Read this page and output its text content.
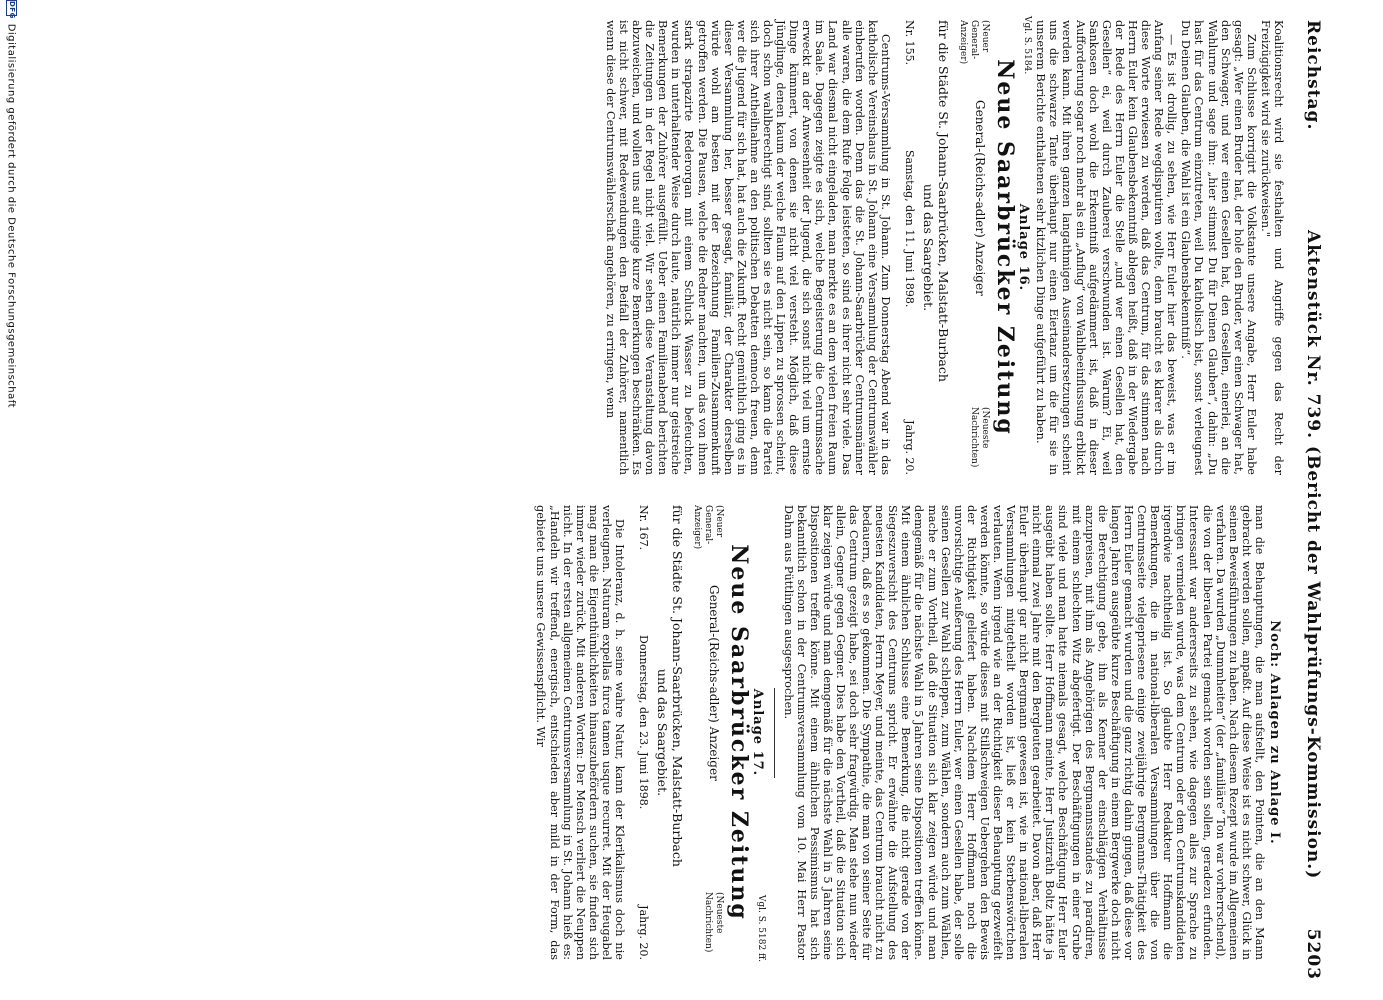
Reichstag.
Aktenstück Nr. 739. (Bericht der Wahlprüfungs-Kommission.)
5203

Koalitionsrecht wird sie festhalten und Angriffe gegen das Recht der Freizügigkeit wird sie zurückweisen."

Zum Schlusse korrigirt die Volkstante unsere Angabe, Herr Euler habe gesagt: „Wer einen Bruder hat, der hole den Bruder, wer einen Schwager hat, den Schwager, und wer einen Gesellen hat, den Gesellen, einerlei, an die Wahlurne und sage ihm: „hier stimmst Du für Deinen Glauben“, dahin: „Du hast für das Centrum einzutreten, weil Du katholisch bist, sonst verleugnest Du Deinen Glauben, die Wahl ist ein Glaubensbekenntniß“.

— Es ist drollig, zu sehen, wie Herr Euler hier das beweist, was er im Anfang seiner Rede wegdisputiren wollte, denn braucht es klarer als durch diese Worte erwiesen zu werden, daß das Centrum, für das stimmen nach Herrn Euler kein Glaubensbekenntniß ablegen heißt, daß in der Wiedergabe der Rede des Herrn Euler die Stelle „und wer einen Gesellen hat, den Gesellen“ ei, weil durch Zauberei verschwunden ist. Warum? Ei, weil Sankosen doch wohl die Erkenntniß aufgedämmert ist, daß in dieser Aufforderung sogar noch mehr als ein „Anflug“ von Wahlbeeinflussung erblickt werden kann. Mit ihren ganzen langathmigen Auseinandersetzungen scheint uns die schwarze Tante überhaupt nur einen Eiertanz um die für sie in unserem Berichte enthaltenen sehr kitzlichen Dinge aufgeführt zu haben.

Anlage 16.
Vgl. S. 5184.
Neue Saarbrücker Zeitung
(Neuer General-Anzeiger)
General-(Reichs-adler) Anzeiger
(Neueste Nachrichten)
für die Städte St. Johann-Saarbrücken, Malstatt-Burbach
und das Saargebiet.
Nr. 155.
Samstag, den 11. Juni 1898.
Jahrg. 20.

Centrums-Versammlung in St. Johann. Zum Donnerstag Abend war in das katholische Vereinshaus in St. Johann eine Versammlung der Centrumswähler einberufen worden. Denn das die St. Johann-Saarbrücker Centrumsmänner alle waren, die dem Rufe Folge leisteten, so sind es ihrer nicht sehr viele. Das Land war diesmal nicht eingeladen, man merkte es an dem vielen freien Raum im Saale. Dagegen zeigte es sich, welche Begeisterung die Centrumssache erweckt an der Anwesenheit der Jugend, die sich sonst nicht viel um ernste Dinge kümmert, von denen sie nicht viel versteht. Möglich, daß diese Jünglinge, denen kaum der weiche Flaum auf den Lippen zu sprossen scheint, doch schon wahlberechtigt sind, sollten sie es nicht sein, so kann die Partei sich ihrer Antheilnahme an den politischen Debatten dennoch freuen, denn wer die Jugend für sich hat, hat auch die Zukunft. Recht gemüthlich ging es in dieser Versammlung her, besser gesagt, familiär, der Charakter derselben würde wohl am besten mit der Bezeichnung Familien-Zusammenkunft getroffen werden. Die Pausen, welche die Redner machten, um das von ihnen stark strapazirte Rederorgan mit einem Schluck Wasser zu befeuchten, wurden in unterhaltender Weise durch laute, natürlich immer nur geistreiche Bemerkungen der Zuhörer ausgefüllt. Ueber einen Familienabend berichten die Zeitungen in der Regel nicht viel. Wir sehen diese Veranstaltung davon abzuweichen, und wollen uns auf einige kurze Bemerkungen beschränken. Es ist nicht schwer, mit Redewendungen den Beifall der Zuhörer, namentlich wenn diese der Centrumswählerschaft angehören, zu erringen, wenn

Noch: Anlagen zu Anlage I.

man die Behauptungen, die man aufstellt, den Pointen, die an den Mann gebracht werden sollen, anpaßt. Auf diese Weise ist es nicht schwer, Glück in seinen Beweisführungen zu haben. Nach diesem Rezept wurde im Allgemeinen verfahren. Da wurden „Dummheiten“ (der „familiäre“ Ton war vorherrschend), die von der liberalen Partei gemacht worden sein sollen, geradezu erfunden. Interessant war andererseits zu sehen, wie dagegen alles zur Sprache zu bringen vermieden wurde, was dem Centrum oder dem Centrumskandidaten irgendwie nachtheilig ist. So glaubte Herr Redakteur Hoffmann die Bemerkungen, die in national-liberalen Versammlungen über die von Centrumsseite vielgepriesene einige zweijährige Bergmanns-Thätigkeit des Herrn Euler gemacht wurden und die ganz richtig dahin gingen, daß diese vor langen Jahren ausgeübte kurze Beschäftigung in einem Bergwerke doch nicht die Berechtigung gebe, ihn als Kenner der einschlägigen Verhältnisse anzupreisen, mit ihm als Angehörigen des Bergmannsstandes zu paradiren, mit einem schlechten Witz abgefertigt. Der Beschäftigungen in einer Grube sind viele und man hatte niemals gesagt, welche Beschäftigung Herr Euler ausgeübt haben sollte. Herr Hoffmann meinte, Herr Justizrath Boltz hätte ja nicht einmal zwei Jahre mit den Bergleuten gearbeitet. Davon aber, daß Herr Euler überhaupt gar nicht Bergmann gewesen ist, wie in national-liberalen Versammlungen mitgetheilt worden ist, ließ er kein Sterbenswörtchen verlauten. Wenn irgend wie an der Richtigkeit dieser Behauptung gezweifelt werden könnte, so würde dieses mit Stillschweigen Uebergehen den Beweis der Richtigkeit geliefert haben. Nachdem Herr Hoffmann noch die unvorsichtige Aeußerung des Herrn Euler, wer einen Gesellen habe, der solle seinen Gesellen zur Wahl schleppen, zum Wählen, sondern auch zum Wählen, mache er zum Vortheil, daß die Situation sich klar zeigen würde und man demgemäß für die nächste Wahl in 5 Jahren seine Dispositionen treffen könne. Mit einem ähnlichen Schlusse eine Bemerkung, die nicht gerade von der Siegeszuversicht des Centrums spricht. Er erwähnte die Aufstellung des neuesten Kandidaten, Herrn Meyer, und meinte, das Centrum braucht nicht zu bedauern, daß es so gekommen. Die Sympathie, die man von seiner Seite für das Centrum gezeigt habe, sei doch sehr fragwürdig. Man stehe nun wieder allein, Gegner gegen Gegner. Dies habe den Vortheil, daß die Situation sich klar zeigen würde und man demgemäß für die nächste Wahl in 5 Jahren seine Dispositionen treffen könne. Mit einem ähnlichen Pessimismus hat sich bekanntlich schon in der Centrumsversammlung vom 10. Mai Herr Pastor Dahm aus Püttlingen ausgesprochen.

Anlage 17.
Vgl. S. 5182 ff.
Neue Saarbrücker Zeitung
(Neuer General-Anzeiger)
General-(Reichs-adler) Anzeiger
(Neueste Nachrichten)
für die Städte St. Johann-Saarbrücken, Malstatt-Burbach
und das Saargebiet.
Nr. 167.
Donnerstag, den 23. Juni 1898.
Jahrg. 20.

Die Intoleranz, d. h. seine wahre Natur, kann der Klerikalismus doch nie verleugnen. Naturam expellas furca tamen usque recurret. Mit der Heugabel mag man die Eigenthümlichkeiten hinauszubefördern suchen, sie finden sich immer wieder zurück. Mit anderen Worten: Der Mensch verliert die Neuppen nicht. In der ersten allgemeinen Centrumsversammlung in St. Johann hieß es: „Handeln wir treffend, energisch, entschieden aber mild in der Form, das gebietet uns unsere Gewissenspflicht. Wir

DFG Digitalisierung gefördert durch die Deutsche Forschungsgemeinschaft
